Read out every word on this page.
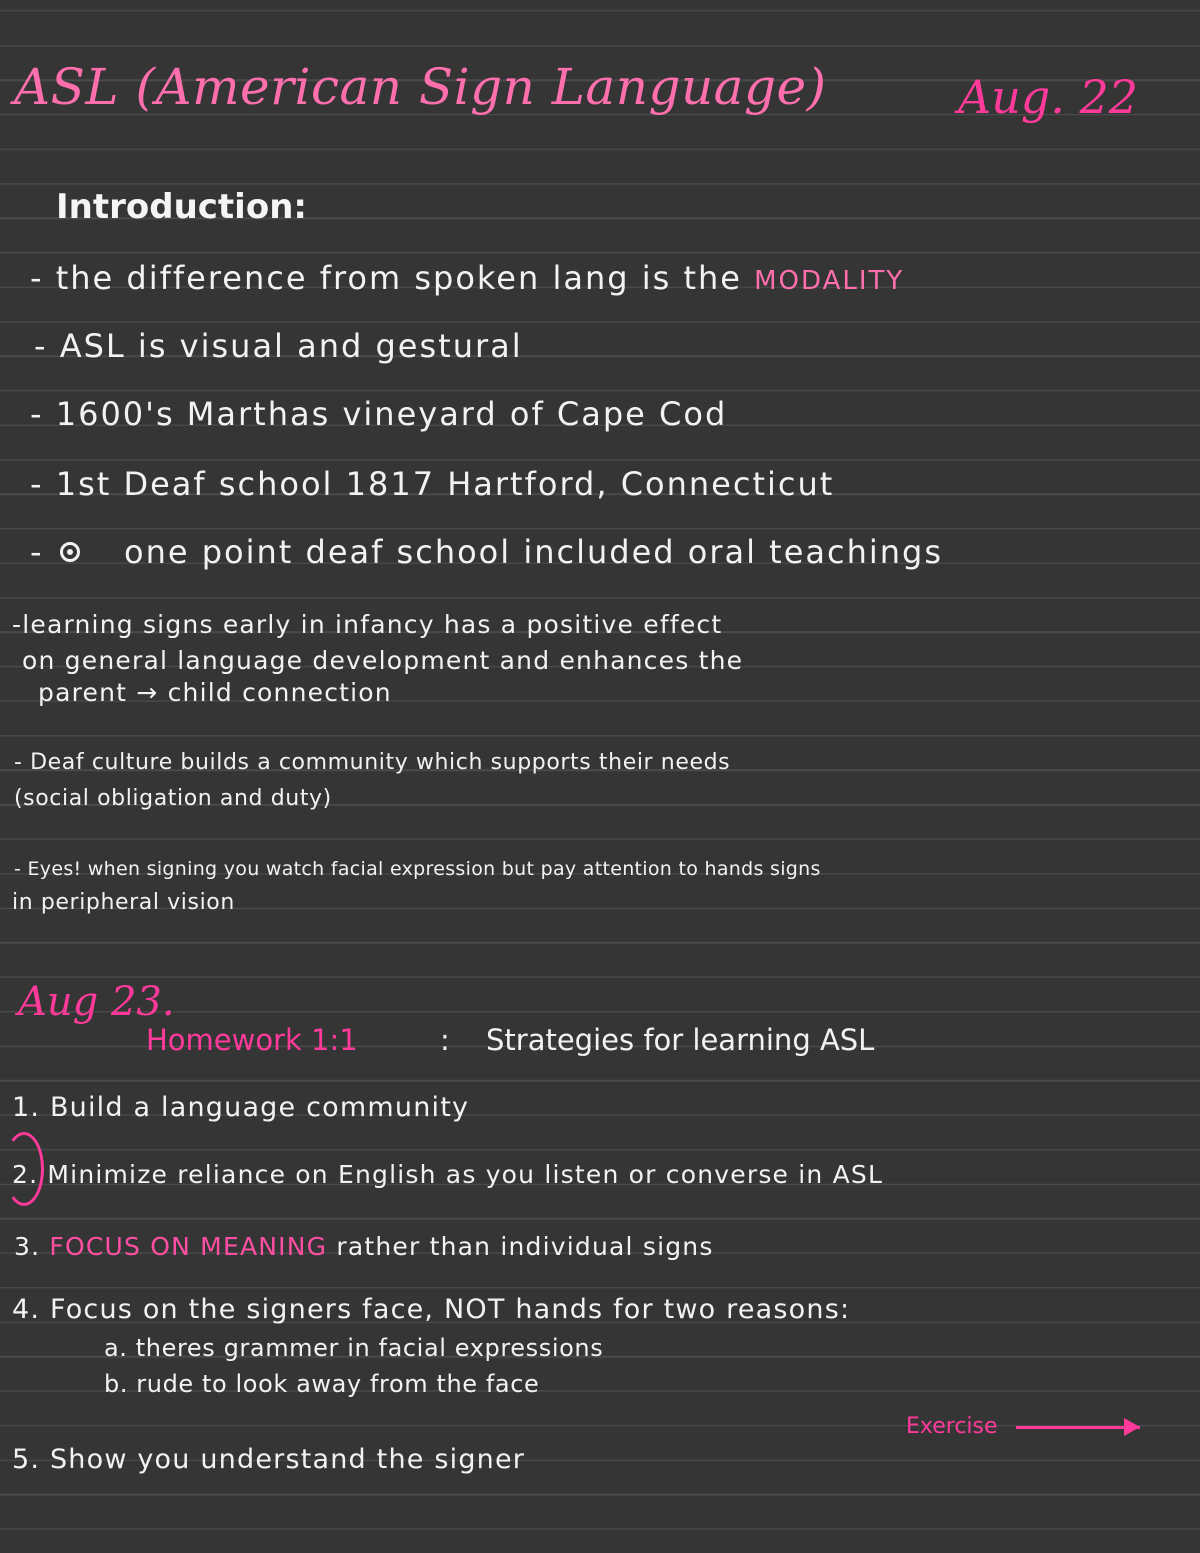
ASL (American Sign Language)	Aug. 22
Introduction:
- the difference from spoken lang is the MODALITY
- ASL is visual and gestural
- 1600's Marthas vineyard of Cape Cod
- 1st Deaf school 1817 Hartford, Connecticut
-	one point deaf school included oral teachings
-learning signs early in infancy has a positive effect
on general language development and enhances the
parent → child connection
- Deaf culture builds a community which supports their needs
(social obligation and duty)
- Eyes! when signing you watch facial expression but pay attention to hands signs
in peripheral vision
Aug 23.
Homework 1:1	: Strategies for learning ASL
1. Build a language community
2. Minimize reliance on English as you listen or converse in ASL
3. FOCUS ON MEANING rather than individual signs
4. Focus on the signers face, NOT hands for two reasons:
a. theres grammer in facial expressions
b. rude to look away from the face
Exercise
5. Show you understand the signer
